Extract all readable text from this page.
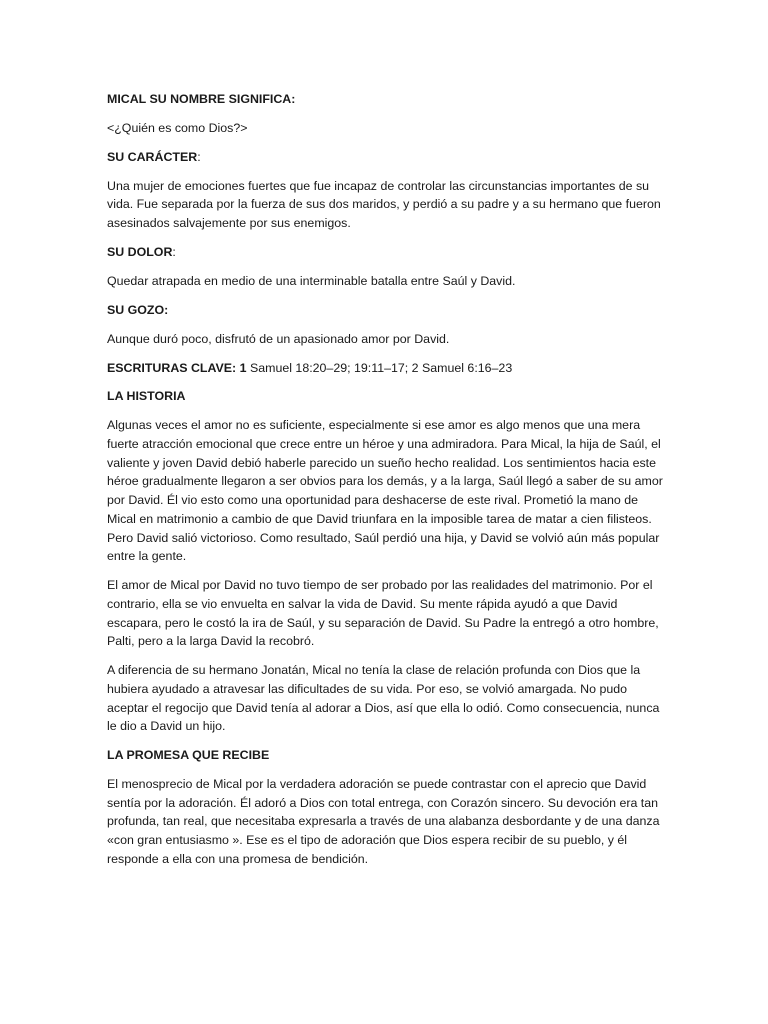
MICAL SU NOMBRE SIGNIFICA:

<¿Quién es como Dios?>

SU CARÁCTER:

Una mujer de emociones fuertes que fue incapaz de controlar las circunstancias importantes de su vida. Fue separada por la fuerza de sus dos maridos, y perdió a su padre y a su hermano que fueron asesinados salvajemente por sus enemigos.

SU DOLOR:

Quedar atrapada en medio de una interminable batalla entre Saúl y David.

SU GOZO:

Aunque duró poco, disfrutó de un apasionado amor por David.

ESCRITURAS CLAVE: 1 Samuel 18:20–29; 19:11–17; 2 Samuel 6:16–23

LA HISTORIA

Algunas veces el amor no es suficiente, especialmente si ese amor es algo menos que una mera fuerte atracción emocional que crece entre un héroe y una admiradora. Para Mical, la hija de Saúl, el valiente y joven David debió haberle parecido un sueño hecho realidad. Los sentimientos hacia este héroe gradualmente llegaron a ser obvios para los demás, y a la larga, Saúl llegó a saber de su amor por David. Él vio esto como una oportunidad para deshacerse de este rival. Prometió la mano de Mical en matrimonio a cambio de que David triunfara en la imposible tarea de matar a cien filisteos. Pero David salió victorioso. Como resultado, Saúl perdió una hija, y David se volvió aún más popular entre la gente.

El amor de Mical por David no tuvo tiempo de ser probado por las realidades del matrimonio. Por el contrario, ella se vio envuelta en salvar la vida de David. Su mente rápida ayudó a que David escapara, pero le costó la ira de Saúl, y su separación de David. Su Padre la entregó a otro hombre, Palti, pero a la larga David la recobró.

A diferencia de su hermano Jonatán, Mical no tenía la clase de relación profunda con Dios que la hubiera ayudado a atravesar las dificultades de su vida. Por eso, se volvió amargada. No pudo aceptar el regocijo que David tenía al adorar a Dios, así que ella lo odió. Como consecuencia, nunca le dio a David un hijo.

LA PROMESA QUE RECIBE

El menosprecio de Mical por la verdadera adoración se puede contrastar con el aprecio que David sentía por la adoración. Él adoró a Dios con total entrega, con Corazón sincero. Su devoción era tan profunda, tan real, que necesitaba expresarla a través de una alabanza desbordante y de una danza «con gran entusiasmo ». Ese es el tipo de adoración que Dios espera recibir de su pueblo, y él responde a ella con una promesa de bendición.
